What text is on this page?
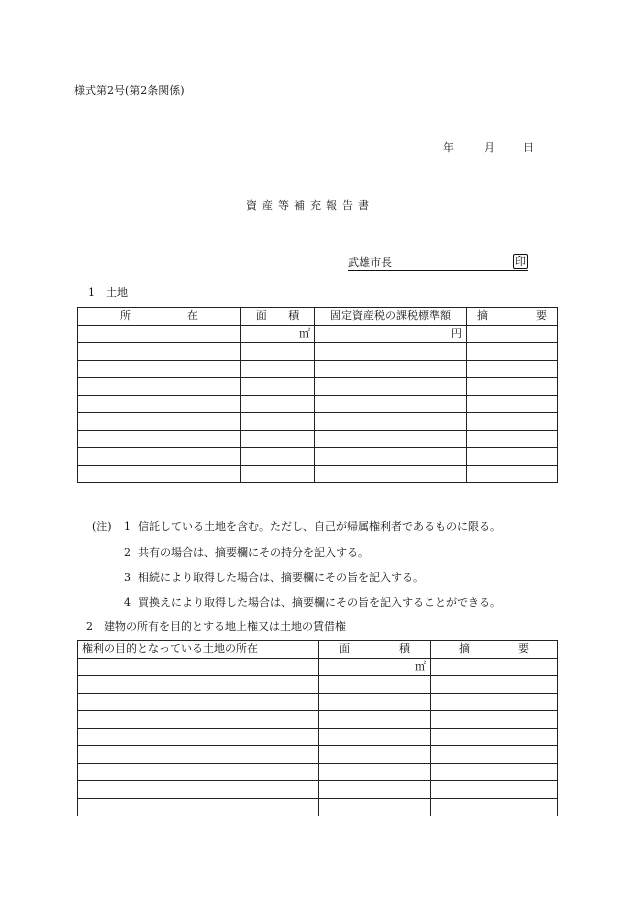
様式第2号(第2条関係)
年	月	日
資産等補充報告書
武雄市長	印
1　土地
所 在	面 積	固定資産税の課税標準額	摘 要

	㎡	円	

(注) 1 信託している土地を含む。ただし、自己が帰属権利者であるものに限る。
2 共有の場合は、摘要欄にその持分を記入する。
3 相続により取得した場合は、摘要欄にその旨を記入する。
4 買換えにより取得した場合は、摘要欄にその旨を記入することができる。
2　建物の所有を目的とする地上権又は土地の賃借権
権利の目的となっている土地の所在	面 積	摘 要

	㎡	
